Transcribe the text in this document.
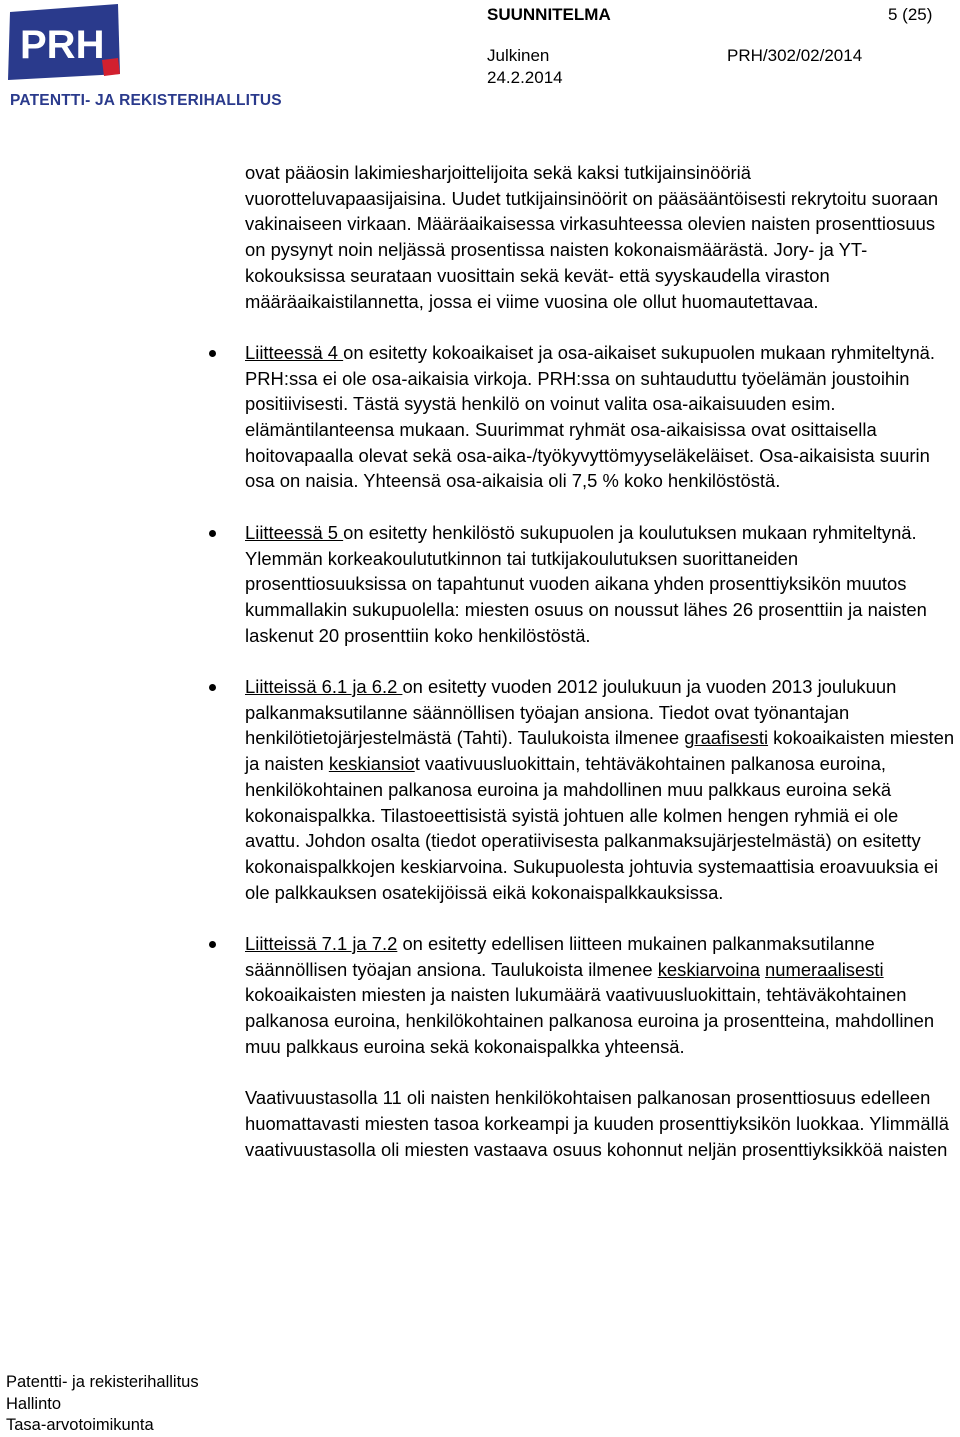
PRH
PATENTTI- JA REKISTERIHALLITUS
SUUNNITELMA	5 (25)
Julkinen	PRH/302/02/2014
24.2.2014

ovat pääosin lakimiesharjoittelijoita sekä kaksi tutkijainsinööriä vuorotteluvapaasijaisina. Uudet tutkijainsinöörit on pääsääntöisesti rekrytoitu suoraan vakinaiseen virkaan. Määräaikaisessa virkasuhteessa olevien naisten prosenttiosuus on pysynyt noin neljässä prosentissa naisten kokonaismäärästä. Jory- ja YT-kokouksissa seurataan vuosittain sekä kevät- että syyskaudella viraston määräaikaistilannetta, jossa ei viime vuosina ole ollut huomautettavaa.

Liitteessä 4 on esitetty kokoaikaiset ja osa-aikaiset sukupuolen mukaan ryhmiteltynä. PRH:ssa ei ole osa-aikaisia virkoja. PRH:ssa on suhtauduttu työelämän joustoihin positiivisesti. Tästä syystä henkilö on voinut valita osa-aikaisuuden esim. elämäntilanteensa mukaan. Suurimmat ryhmät osa-aikaisissa ovat osittaisella hoitovapaalla olevat sekä osa-aika-/työkyvyttömyyseläkeläiset. Osa-aikaisista suurin osa on naisia. Yhteensä osa-aikaisia oli 7,5 % koko henkilöstöstä.
Liitteessä 5 on esitetty henkilöstö sukupuolen ja koulutuksen mukaan ryhmiteltynä. Ylemmän korkeakoulututkinnon tai tutkijakoulutuksen suorittaneiden prosenttiosuuksissa on tapahtunut vuoden aikana yhden prosenttiyksikön muutos kummallakin sukupuolella: miesten osuus on noussut lähes 26 prosenttiin ja naisten laskenut 20 prosenttiin koko henkilöstöstä.
Liitteissä 6.1 ja 6.2 on esitetty vuoden 2012 joulukuun ja vuoden 2013 joulukuun palkanmaksutilanne säännöllisen työajan ansiona. Tiedot ovat työnantajan henkilötietojärjestelmästä (Tahti). Taulukoista ilmenee graafisesti kokoaikaisten miesten ja naisten keskiansiot vaativuusluokittain, tehtäväkohtainen palkanosa euroina, henkilökohtainen palkanosa euroina ja mahdollinen muu palkkaus euroina sekä kokonaispalkka. Tilastoeettisistä syistä johtuen alle kolmen hengen ryhmiä ei ole avattu. Johdon osalta (tiedot operatiivisesta palkanmaksujärjestelmästä) on esitetty kokonaispalkkojen keskiarvoina. Sukupuolesta johtuvia systemaattisia eroavuuksia ei ole palkkauksen osatekijöissä eikä kokonaispalkkauksissa.
Liitteissä 7.1 ja 7.2 on esitetty edellisen liitteen mukainen palkanmaksutilanne säännöllisen työajan ansiona. Taulukoista ilmenee keskiarvoina numeraalisesti kokoaikaisten miesten ja naisten lukumäärä vaativuusluokittain, tehtäväkohtainen palkanosa euroina, henkilökohtainen palkanosa euroina ja prosentteina, mahdollinen muu palkkaus euroina sekä kokonaispalkka yhteensä.

Vaativuustasolla 11 oli naisten henkilökohtaisen palkanosan prosenttiosuus edelleen huomattavasti miesten tasoa korkeampi ja kuuden prosenttiyksikön luokkaa. Ylimmällä vaativuustasolla oli miesten vastaava osuus kohonnut neljän prosenttiyksikköä naisten

Patentti- ja rekisterihallitus
Hallinto
Tasa-arvotoimikunta
